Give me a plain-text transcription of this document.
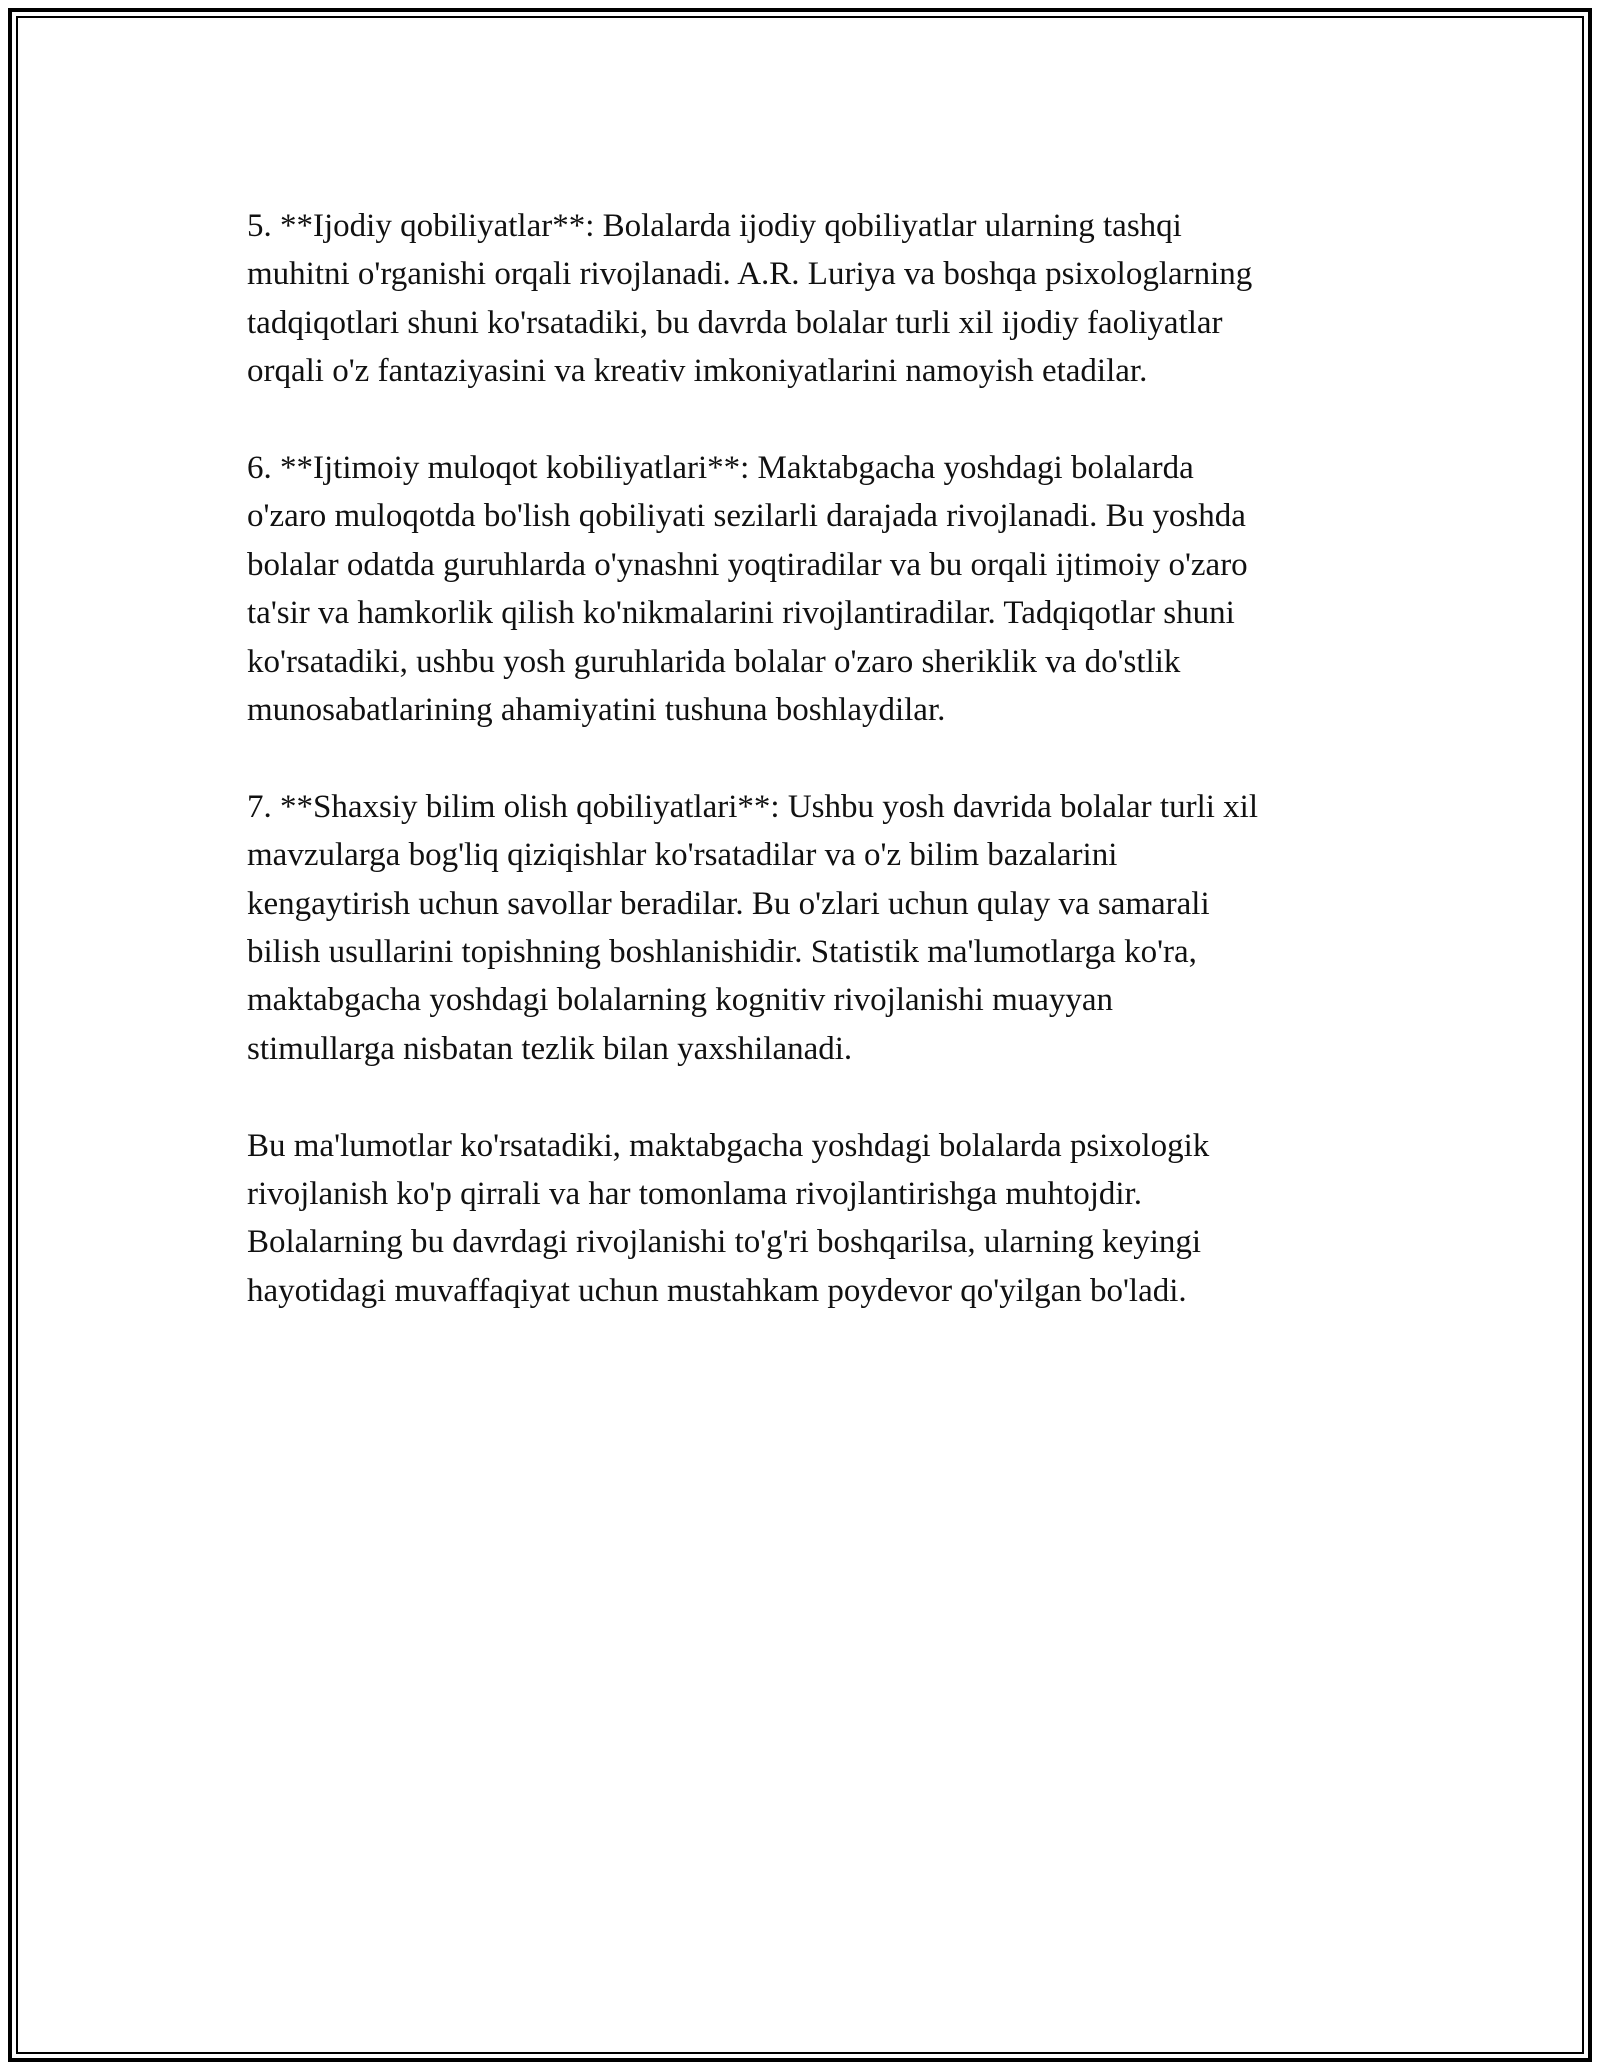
5. **Ijodiy qobiliyatlar**: Bolalarda ijodiy qobiliyatlar ularning tashqi
muhitni o'rganishi orqali rivojlanadi. A.R. Luriya va boshqa psixologlarning
tadqiqotlari shuni ko'rsatadiki, bu davrda bolalar turli xil ijodiy faoliyatlar
orqali o'z fantaziyasini va kreativ imkoniyatlarini namoyish etadilar.

6. **Ijtimoiy muloqot kobiliyatlari**: Maktabgacha yoshdagi bolalarda
o'zaro muloqotda bo'lish qobiliyati sezilarli darajada rivojlanadi. Bu yoshda
bolalar odatda guruhlarda o'ynashni yoqtiradilar va bu orqali ijtimoiy o'zaro
ta'sir va hamkorlik qilish ko'nikmalarini rivojlantiradilar. Tadqiqotlar shuni
ko'rsatadiki, ushbu yosh guruhlarida bolalar o'zaro sheriklik va do'stlik
munosabatlarining ahamiyatini tushuna boshlaydilar.

7. **Shaxsiy bilim olish qobiliyatlari**: Ushbu yosh davrida bolalar turli xil
mavzularga bog'liq qiziqishlar ko'rsatadilar va o'z bilim bazalarini
kengaytirish uchun savollar beradilar. Bu o'zlari uchun qulay va samarali
bilish usullarini topishning boshlanishidir. Statistik ma'lumotlarga ko'ra,
maktabgacha yoshdagi bolalarning kognitiv rivojlanishi muayyan
stimullarga nisbatan tezlik bilan yaxshilanadi.

Bu ma'lumotlar ko'rsatadiki, maktabgacha yoshdagi bolalarda psixologik
rivojlanish ko'p qirrali va har tomonlama rivojlantirishga muhtojdir.
Bolalarning bu davrdagi rivojlanishi to'g'ri boshqarilsa, ularning keyingi
hayotidagi muvaffaqiyat uchun mustahkam poydevor qo'yilgan bo'ladi.
